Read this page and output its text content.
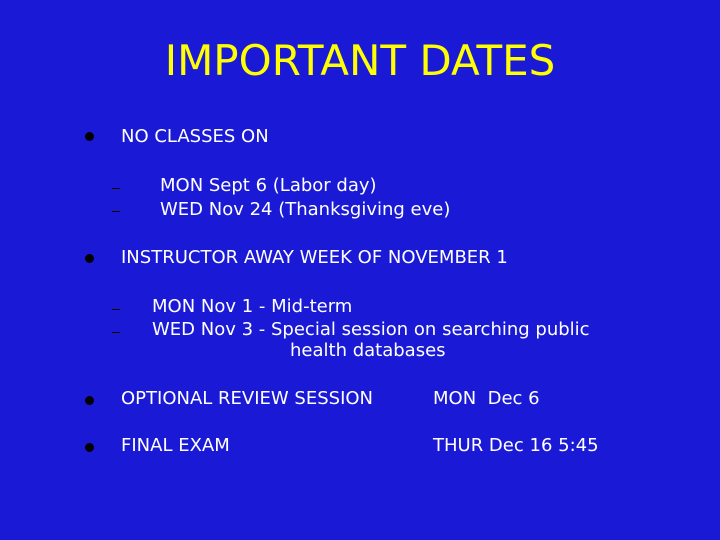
IMPORTANT DATES
NO CLASSES ON
MON Sept 6 (Labor day)
WED Nov 24 (Thanksgiving eve)
INSTRUCTOR AWAY WEEK OF NOVEMBER 1
MON Nov 1 - Mid-term
WED Nov 3 - Special session on searching public
health databases
OPTIONAL REVIEW SESSION	MON  Dec 6
FINAL EXAM	THUR Dec 16 5:45
